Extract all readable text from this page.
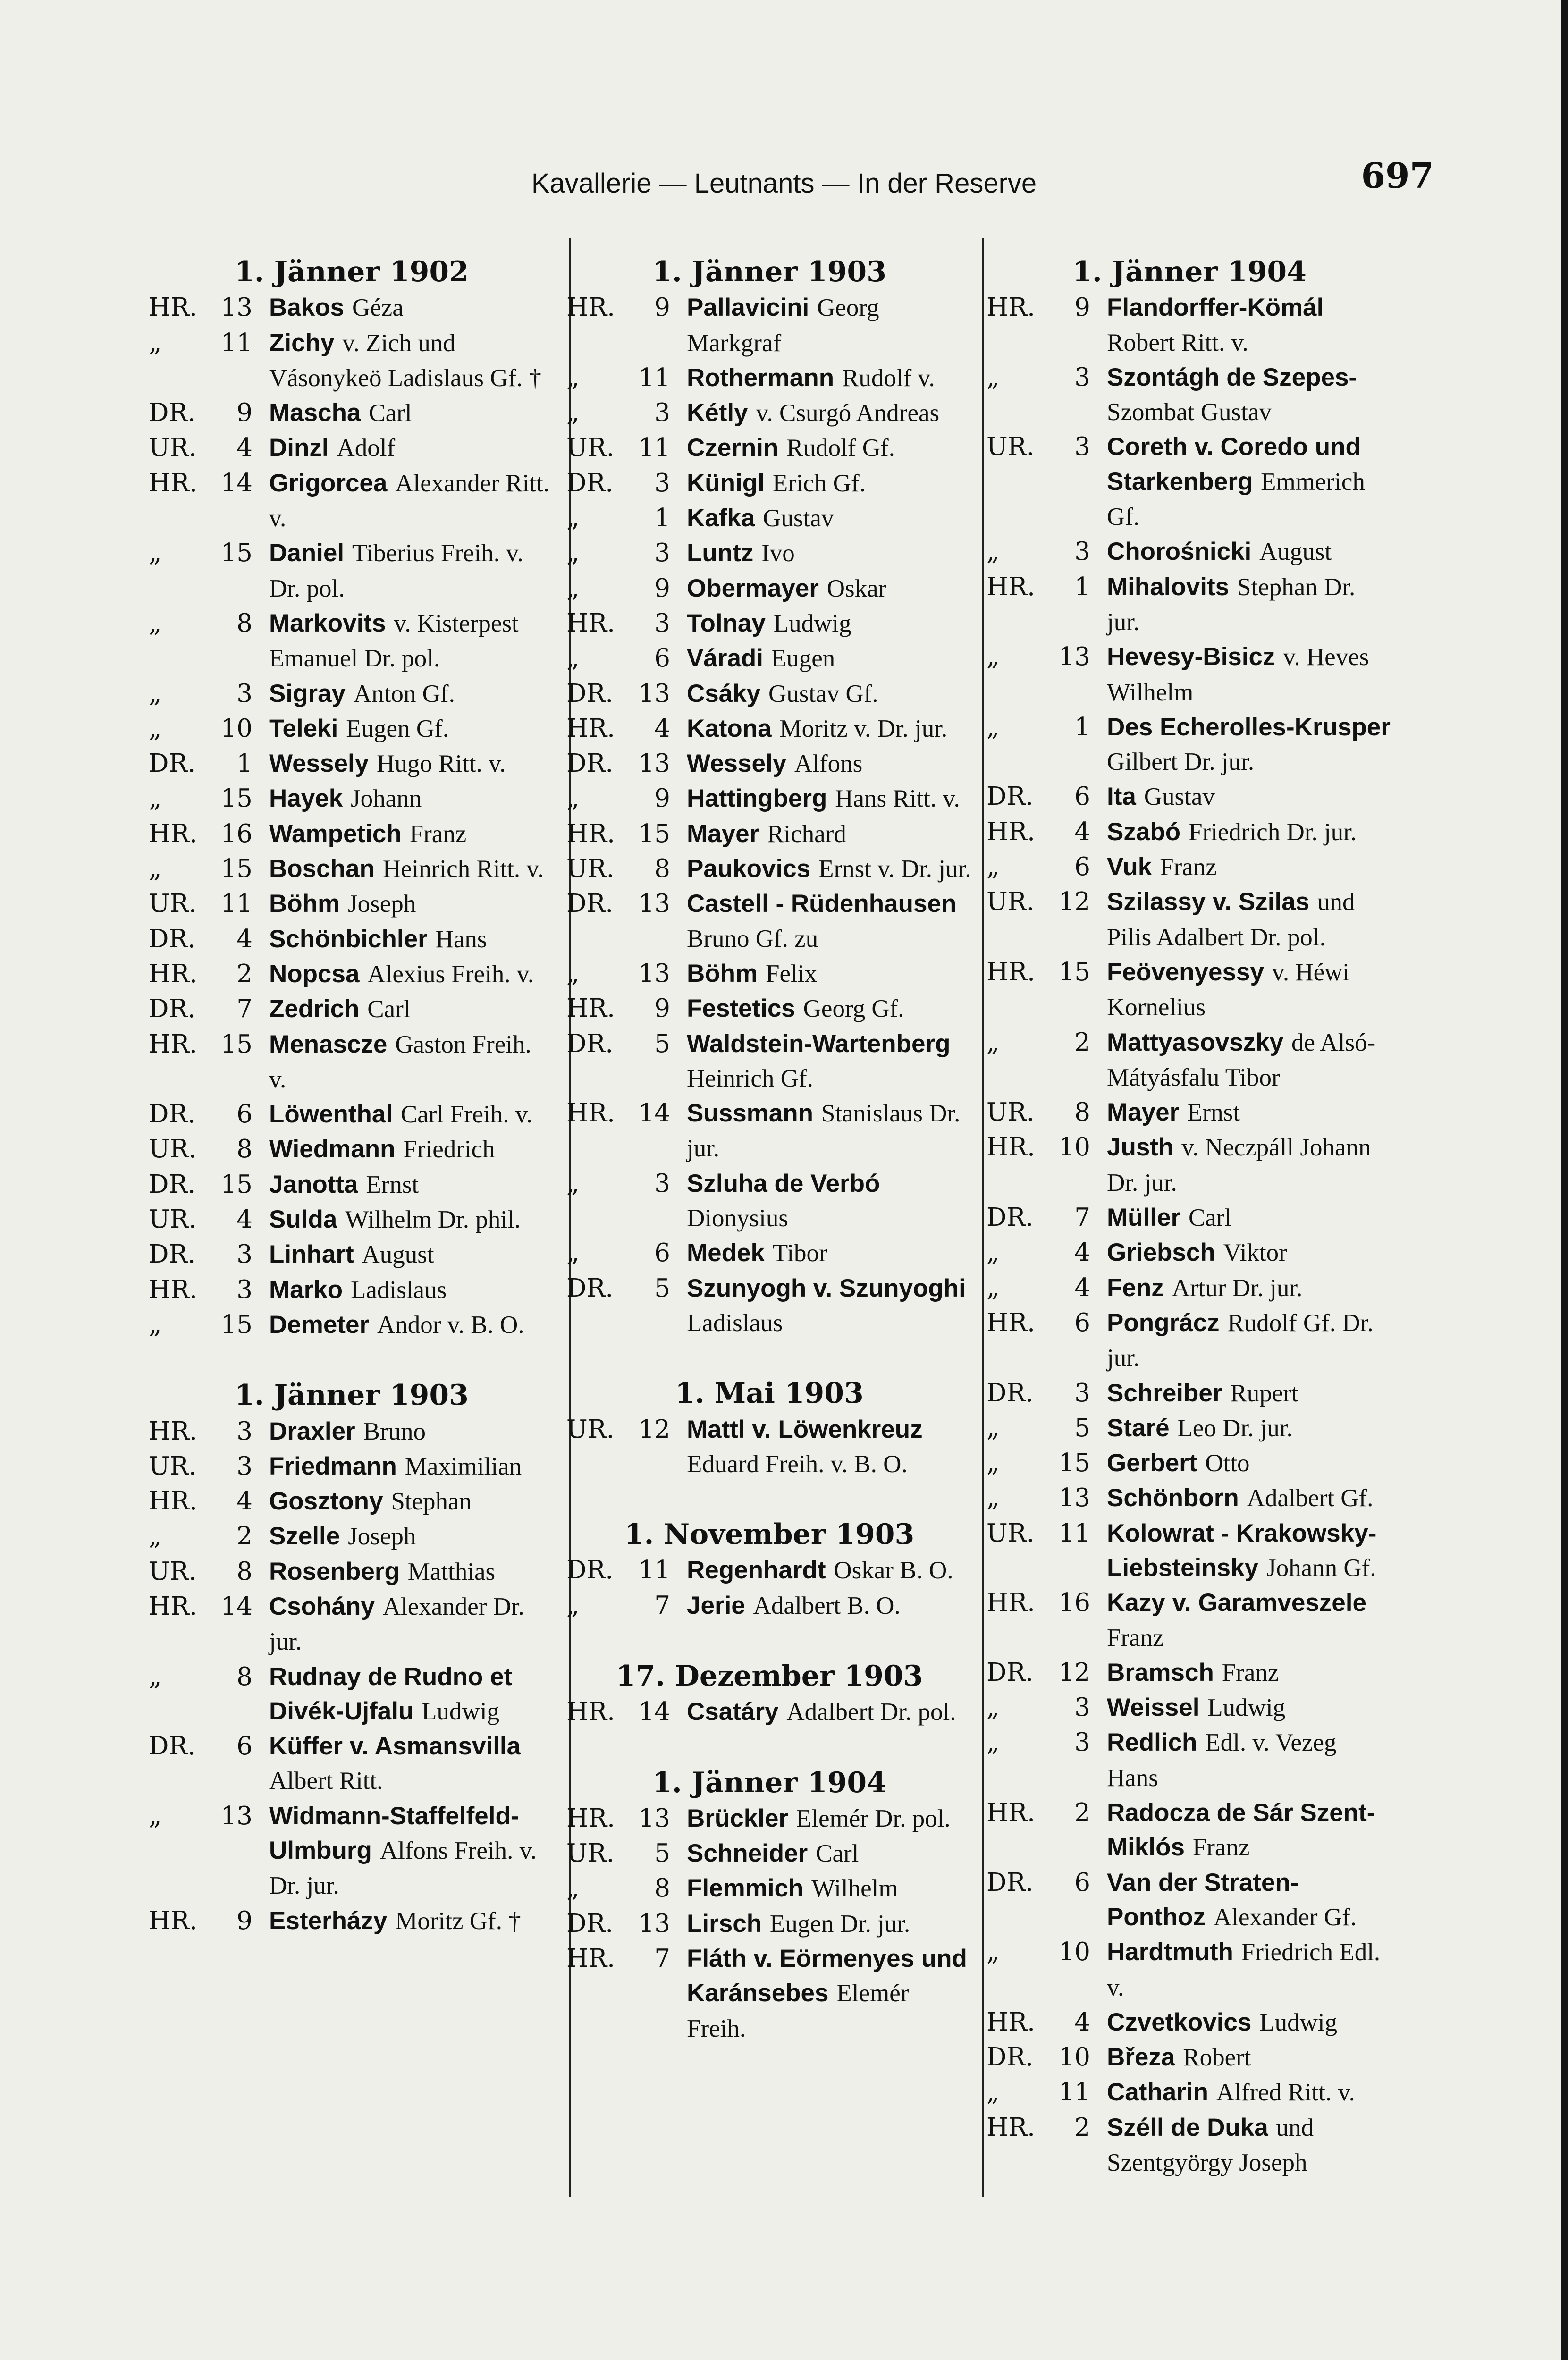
Kavallerie — Leutnants — In der Reserve	697
1. Jänner 1902
HR. 13 Bakos Géza
„	11 Zichy v. Zich und Vásonykeö Ladislaus Gf. †
DR.	9 Mascha Carl
UR.	4 Dinzl Adolf
HR. 14 Grigorcea Alexander Ritt. v.
„	15 Daniel Tiberius Freih. v. Dr. pol.
„	8 Markovits v. Kisterpest Emanuel Dr. pol.
„	3 Sigray Anton Gf.
„	10 Teleki Eugen Gf.
DR.	1 Wessely Hugo Ritt. v.
„	15 Hayek Johann
HR. 16 Wampetich Franz
„	15 Boschan Heinrich Ritt. v.
UR. 11 Böhm Joseph
DR.	4 Schönbichler Hans
HR.	2 Nopcsa Alexius Freih. v.
DR.	7 Zedrich Carl
HR. 15 Menascze Gaston Freih. v.
DR.	6 Löwenthal Carl Freih. v.
UR.	8 Wiedmann Friedrich
DR.	15 Janotta Ernst
UR.	4 Sulda Wilhelm Dr. phil.
DR.	3 Linhart August
HR.	3 Marko Ladislaus
„	15 Demeter Andor v. B. O.
1. Jänner 1903
HR.	3 Draxler Bruno
UR.	3 Friedmann Maximilian
HR.	4 Gosztony Stephan
„	2 Szelle Joseph
UR.	8 Rosenberg Matthias
HR. 14 Csohány Alexander Dr. jur.
„	8 Rudnay de Rudno et Divék-Ujfalu Ludwig
DR.	6 Küffer v. Asmansvilla Albert Ritt.
„	13 Widmann-Staffelfeld-Ulmburg Alfons Freih. v. Dr. jur.
HR.	9 Esterházy Moritz Gf. †
1. Jänner 1903
HR.	9 Pallavicini Georg Markgraf
„	11 Rothermann Rudolf v.
„	3 Kétly v. Csurgó Andreas
UR. 11 Czernin Rudolf Gf.
DR.	3 Künigl Erich Gf.
„	1 Kafka Gustav
„	3 Luntz Ivo
„	9 Obermayer Oskar
HR.	3 Tolnay Ludwig
„	6 Váradi Eugen
DR.	13 Csáky Gustav Gf.
HR.	4 Katona Moritz v. Dr. jur.
DR.	13 Wessely Alfons
„	9 Hattingberg Hans Ritt. v.
HR. 15 Mayer Richard
UR.	8 Paukovics Ernst v. Dr. jur.
DR.	13 Castell - Rüdenhausen Bruno Gf. zu
„	13 Böhm Felix
HR.	9 Festetics Georg Gf.
DR.	5 Waldstein-Wartenberg Heinrich Gf.
HR. 14 Sussmann Stanislaus Dr. jur.
„	3 Szluha de Verbó Dionysius
„	6 Medek Tibor
DR.	5 Szunyogh v. Szunyoghi Ladislaus
1. Mai 1903
UR. 12 Mattl v. Löwenkreuz Eduard Freih. v. B. O.
1. November 1903
DR.	11 Regenhardt Oskar B. O.
„	7 Jerie Adalbert B. O.
17. Dezember 1903
HR. 14 Csatáry Adalbert Dr. pol.
1. Jänner 1904
HR. 13 Brückler Elemér Dr. pol.
UR.	5 Schneider Carl
„	8 Flemmich Wilhelm
DR.	13 Lirsch Eugen Dr. jur.
HR.	7 Fláth v. Eörmenyes und Karánsebes Elemér Freih.
1. Jänner 1904
HR.	9 Flandorffer-Kömál Robert Ritt. v.
„	3 Szontágh de Szepes- Szombat Gustav
UR.	3 Coreth v. Coredo und Starkenberg Emmerich Gf.
„	3 Chorośnicki August
HR.	1 Mihalovits Stephan Dr. jur.
„	13 Hevesy-Bisicz v. Heves Wilhelm
„	1 Des Echerolles-Krusper Gilbert Dr. jur.
DR.	6 Ita Gustav
HR.	4 Szabó Friedrich Dr. jur.
„	6 Vuk Franz
UR. 12 Szilassy v. Szilas und Pilis Adalbert Dr. pol.
HR. 15 Feövenyessy v. Héwi Kornelius
„	2 Mattyasovszky de Alsó-Mátyásfalu Tibor
UR.	8 Mayer Ernst
HR. 10 Justh v. Neczpáll Johann Dr. jur.
DR.	7 Müller Carl
„	4 Griebsch Viktor
„	4 Fenz Artur Dr. jur.
HR.	6 Pongrácz Rudolf Gf. Dr. jur.
DR.	3 Schreiber Rupert
„	5 Staré Leo Dr. jur.
„	15 Gerbert Otto
„	13 Schönborn Adalbert Gf.
UR. 11 Kolowrat - Krakowsky-Liebsteinsky Johann Gf.
HR. 16 Kazy v. Garamveszele Franz
DR.	12 Bramsch Franz
„	3 Weissel Ludwig
„	3 Redlich Edl. v. Vezeg Hans
HR.	2 Radocza de Sár Szent-Miklós Franz
DR.	6 Van der Straten-Ponthoz Alexander Gf.
„	10 Hardtmuth Friedrich Edl. v.
HR.	4 Czvetkovics Ludwig
DR.	10 Březa Robert
„	11 Catharin Alfred Ritt. v.
HR.	2 Széll de Duka und Szentgyörgy Joseph
